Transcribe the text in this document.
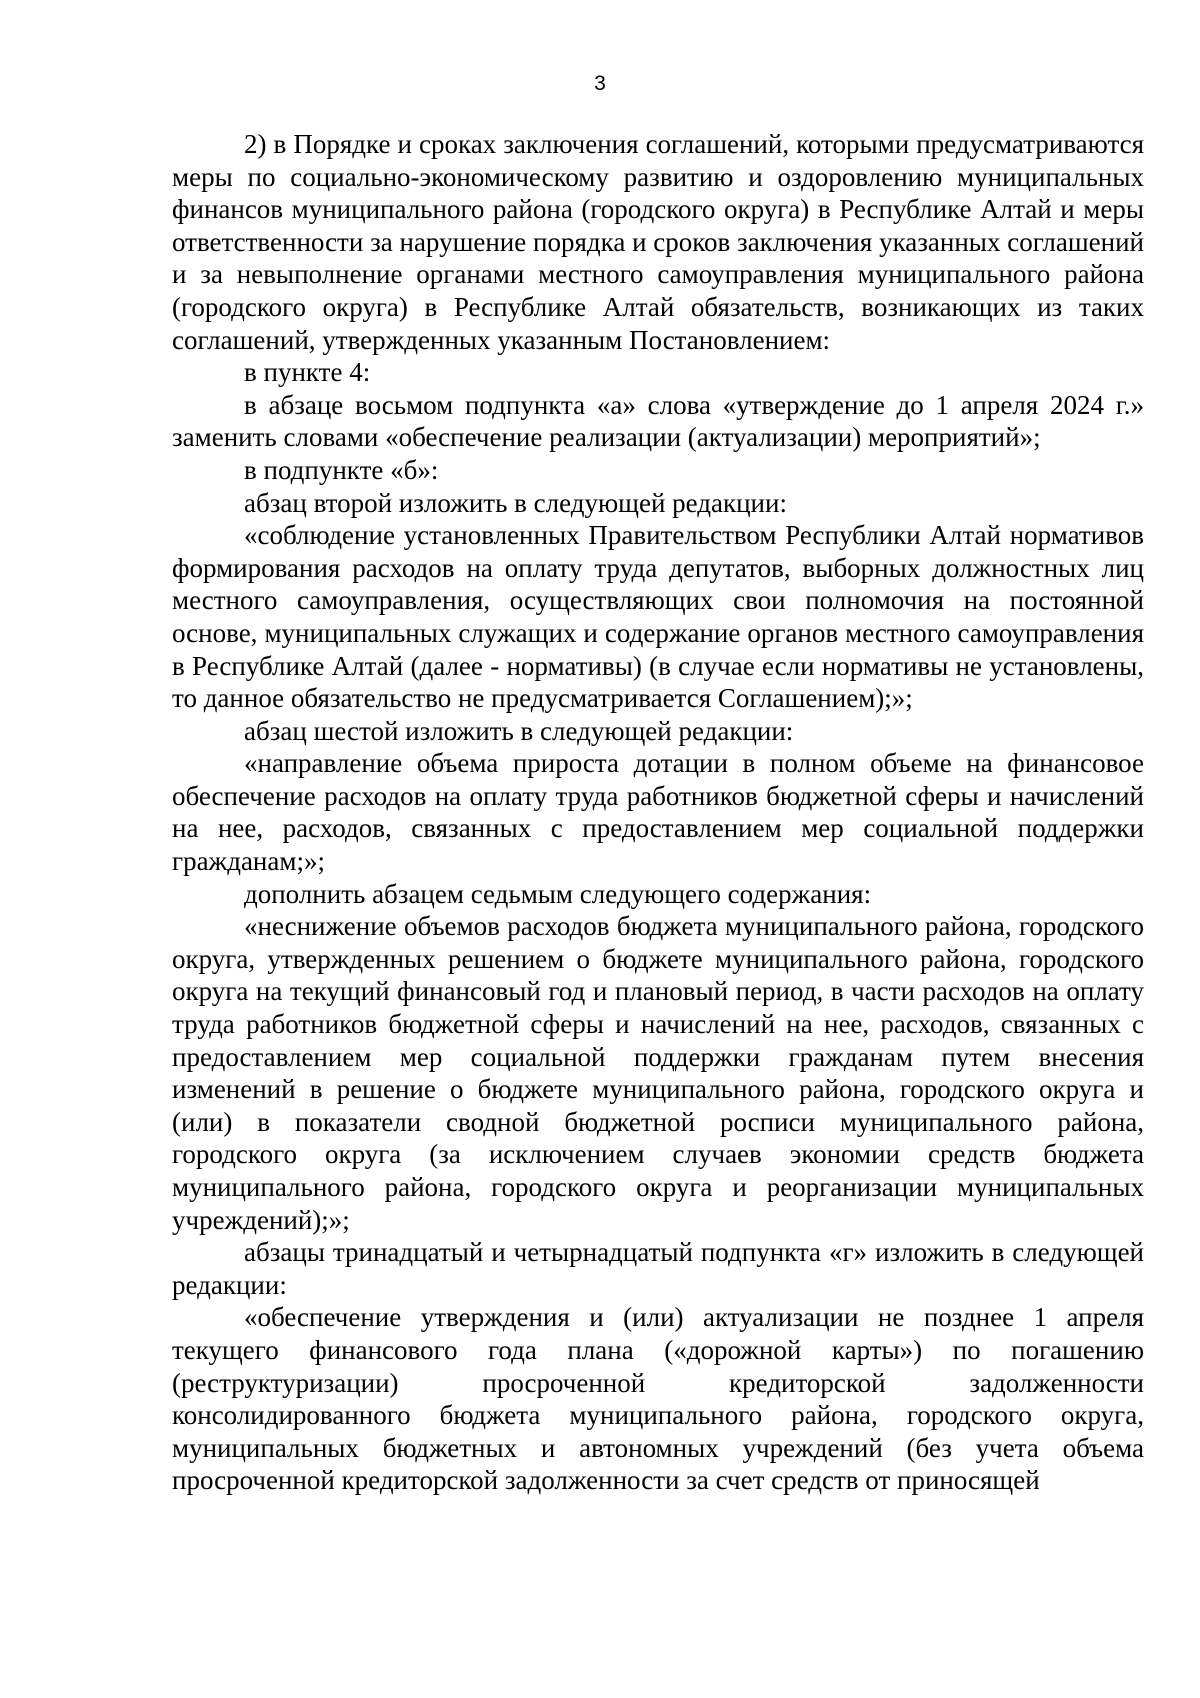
3

2) в Порядке и сроках заключения соглашений, которыми предусматриваются меры по социально-экономическому развитию и оздоровлению муниципальных финансов муниципального района (городского округа) в Республике Алтай и меры ответственности за нарушение порядка и сроков заключения указанных соглашений и за невыполнение органами местного самоуправления муниципального района (городского округа) в Республике Алтай обязательств, возникающих из таких соглашений, утвержденных указанным Постановлением:

в пункте 4:

в абзаце восьмом подпункта «а» слова «утверждение до 1 апреля 2024 г.» заменить словами «обеспечение реализации (актуализации) мероприятий»;

в подпункте «б»:

абзац второй изложить в следующей редакции:

«соблюдение установленных Правительством Республики Алтай нормативов формирования расходов на оплату труда депутатов, выборных должностных лиц местного самоуправления, осуществляющих свои полномочия на постоянной основе, муниципальных служащих и содержание органов местного самоуправления в Республике Алтай (далее - нормативы) (в случае если нормативы не установлены, то данное обязательство не предусматривается Соглашением);»;

абзац шестой изложить в следующей редакции:

«направление объема прироста дотации в полном объеме на финансовое обеспечение расходов на оплату труда работников бюджетной сферы и начислений на нее, расходов, связанных с предоставлением мер социальной поддержки гражданам;»;

дополнить абзацем седьмым следующего содержания:

«неснижение объемов расходов бюджета муниципального района, городского округа, утвержденных решением о бюджете муниципального района, городского округа на текущий финансовый год и плановый период, в части расходов на оплату труда работников бюджетной сферы и начислений на нее, расходов, связанных с предоставлением мер социальной поддержки гражданам путем внесения изменений в решение о бюджете муниципального района, городского округа и (или) в показатели сводной бюджетной росписи муниципального района, городского округа (за исключением случаев экономии средств бюджета муниципального района, городского округа и реорганизации муниципальных учреждений);»;

абзацы тринадцатый и четырнадцатый подпункта «г» изложить в следующей редакции:

«обеспечение утверждения и (или) актуализации не позднее 1 апреля текущего финансового года плана («дорожной карты») по погашению (реструктуризации) просроченной кредиторской задолженности консолидированного бюджета муниципального района, городского округа, муниципальных бюджетных и автономных учреждений (без учета объема просроченной кредиторской задолженности за счет средств от приносящей
